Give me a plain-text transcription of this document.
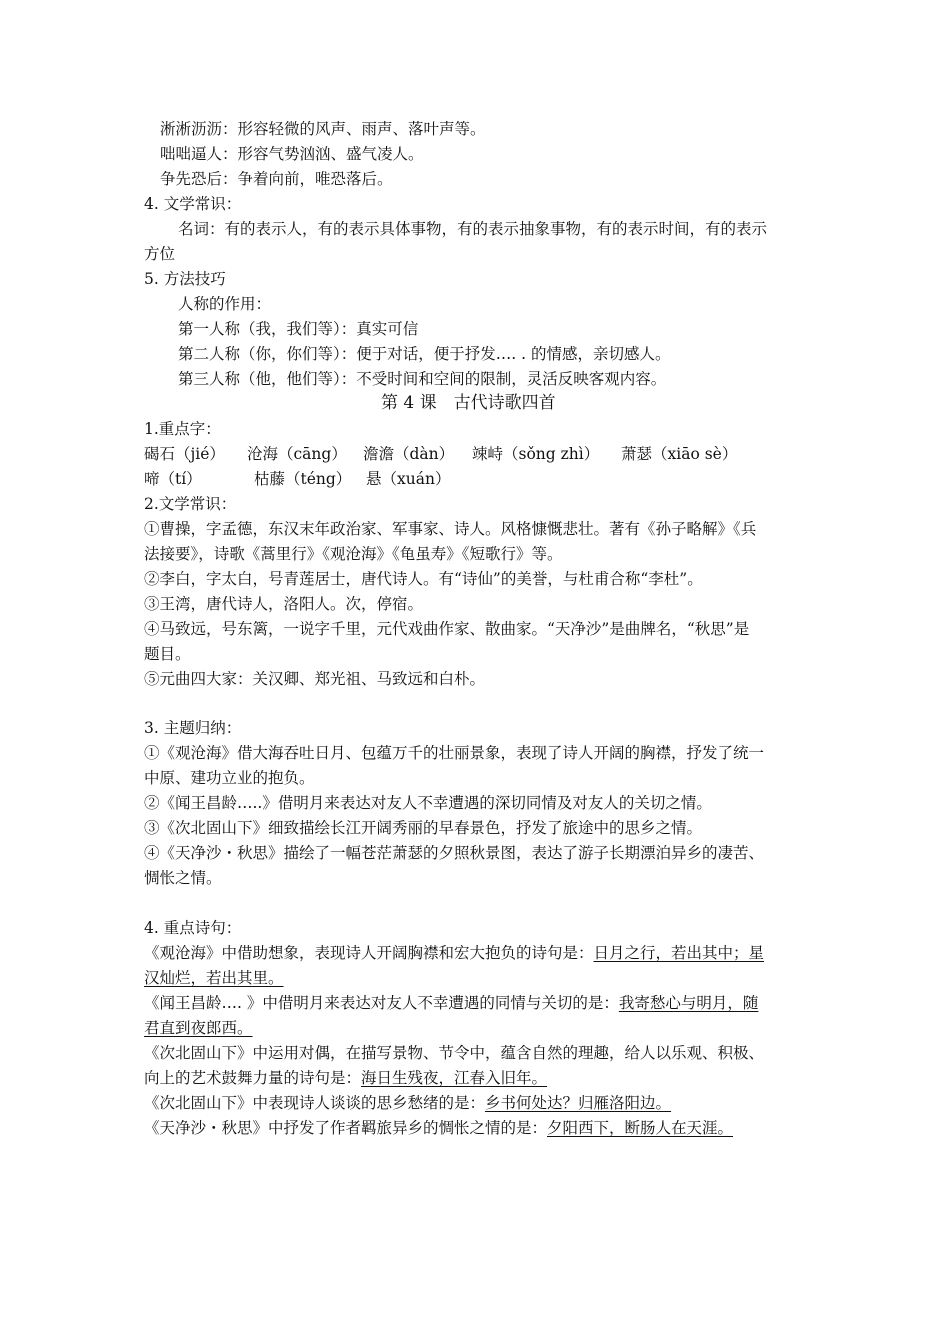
淅淅沥沥：形容轻微的风声、雨声、落叶声等。
咄咄逼人：形容气势汹汹、盛气凌人。
争先恐后：争着向前，唯恐落后。
4. 文学常识：
名词：有的表示人，有的表示具体事物，有的表示抽象事物，有的表示时间，有的表示
方位
5. 方法技巧
人称的作用：
第一人称（我，我们等）：真实可信
第二人称（你，你们等）：便于对话，便于抒发…. . 的情感，亲切感人。
第三人称（他，他们等）：不受时间和空间的限制，灵活反映客观内容。
第 4 课　古代诗歌四首
1.重点字：
碣石（jié） 沧海（cāng） 澹澹（dàn） 竦峙（sǒng zhì） 萧瑟（xiāo sè）
啼（tí）	枯藤（téng） 悬（xuán）
2.文学常识：
①曹操，字孟德，东汉末年政治家、军事家、诗人。风格慷慨悲壮。著有《孙子略解》《兵
法接要》，诗歌《蒿里行》《观沧海》《龟虽寿》《短歌行》等。
②李白，字太白，号青莲居士，唐代诗人。有“诗仙”的美誉，与杜甫合称“李杜”。
③王湾，唐代诗人，洛阳人。次，停宿。
④马致远，号东篱，一说字千里，元代戏曲作家、散曲家。“天净沙”是曲牌名，“秋思”是
题目。
⑤元曲四大家：关汉卿、郑光祖、马致远和白朴。
3. 主题归纳：
①《观沧海》借大海吞吐日月、包蕴万千的壮丽景象，表现了诗人开阔的胸襟，抒发了统一
中原、建功立业的抱负。
②《闻王昌龄…..》借明月来表达对友人不幸遭遇的深切同情及对友人的关切之情。
③《次北固山下》细致描绘长江开阔秀丽的早春景色，抒发了旅途中的思乡之情。
④《天净沙・秋思》描绘了一幅苍茫萧瑟的夕照秋景图，表达了游子长期漂泊异乡的凄苦、
惆怅之情。
4. 重点诗句：
《观沧海》中借助想象，表现诗人开阔胸襟和宏大抱负的诗句是：日月之行，若出其中；星
汉灿烂，若出其里。
《闻王昌龄…. 》中借明月来表达对友人不幸遭遇的同情与关切的是：我寄愁心与明月，随
君直到夜郎西。
《次北固山下》中运用对偶，在描写景物、节令中，蕴含自然的理趣，给人以乐观、积极、
向上的艺术鼓舞力量的诗句是：海日生残夜，江春入旧年。
《次北固山下》中表现诗人谈谈的思乡愁绪的是：乡书何处达？归雁洛阳边。
《天净沙・秋思》中抒发了作者羁旅异乡的惆怅之情的是：夕阳西下，断肠人在天涯。
